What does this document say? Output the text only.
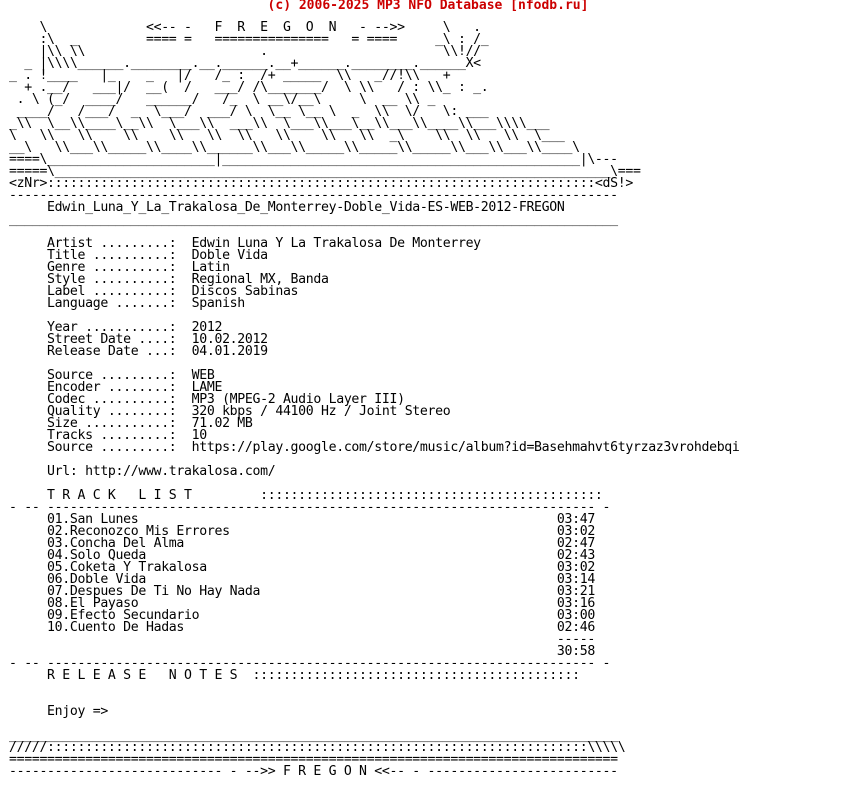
(c) 2006-2025 MP3 NFO Database [nfodb.ru]
\             <<-- -   F  R  E  G  O  N   - -->>     \   .
:\  _         ==== =   ===============   = ====     _\ : /_
|\\ \\                       .                       \\!//
_ |\\\\______.________.__.______.__+______.________.______X<
_ . !____   |_    _   |/   /_ :  /+ _____  \\   _//!\\   +
+ .__/   ___|/  __(  /   ___/ /\_______/  \ \\   / : \\_ : _.
. \ (_/  ____/   ______/   /_  \ __\/__\     \  __ \\ _
____/   /___/  _  \___/  ___/ \  \__ \__ \  _  \\  \/   \: ___
_\\  \__\\____\__\\  \___\\  ___\\  \___\\___\__\\___\\____\\___\\\\___
\   \\   \\    \\    \\   \\  \\   \\    \\   \\  _\    \\  \\   \\  \___
__\   \\___\\_____\\____\\______\\___\\_____\\_____\\_____\\___\\___\\____\
====\______________________|_______________________________________________|\---
=====\_________________________________________________________________________\===
<zNr>::::::::::::::::::::::::::::::::::::::::::::::::::::::::::::::::::::::::<dS!>
--------------------------------------------------------------------------------
Edwin_Luna_Y_La_Trakalosa_De_Monterrey-Doble_Vida-ES-WEB-2012-FREGON
________________________________________________________________________________

Artist .........:  Edwin Luna Y La Trakalosa De Monterrey
Title ..........:  Doble Vida
Genre ..........:  Latin
Style ..........:  Regional MX, Banda
Label ..........:  Discos Sabinas
Language .......:  Spanish

Year ...........:  2012
Street Date ....:  10.02.2012
Release Date ...:  04.01.2019

Source .........:  WEB
Encoder ........:  LAME
Codec ..........:  MP3 (MPEG-2 Audio Layer III)
Quality ........:  320 kbps / 44100 Hz / Joint Stereo
Size ...........:  71.02 MB
Tracks .........:  10
Source .........:  https://play.google.com/store/music/album?id=Basehmahvt6tyrzaz3vrohdebqi

Url: http://www.trakalosa.com/

T R A C K   L I S T         :::::::::::::::::::::::::::::::::::::::::::::
- -- ------------------------------------------------------------------------ -
01.San Lunes                                                       03:47
02.Reconozco Mis Errores                                           03:02
03.Concha Del Alma                                                 02:47
04.Solo Queda                                                      02:43
05.Coketa Y Trakalosa                                              03:02
06.Doble Vida                                                      03:14
07.Despues De Ti No Hay Nada                                       03:21
08.El Payaso                                                       03:16
09.Efecto Secundario                                               03:00
10.Cuento De Hadas                                                 02:46
-----
30:58
- -- ------------------------------------------------------------------------ -
R E L E A S E   N O T E S  :::::::::::::::::::::::::::::::::::::::::::

Enjoy =>

________________________________________________________________________________
/////:::::::::::::::::::::::::::::::::::::::::::::::::::::::::::::::::::::::\\\\\
================================================================================
---------------------------- - -->> F R E G O N <<-- - -------------------------
